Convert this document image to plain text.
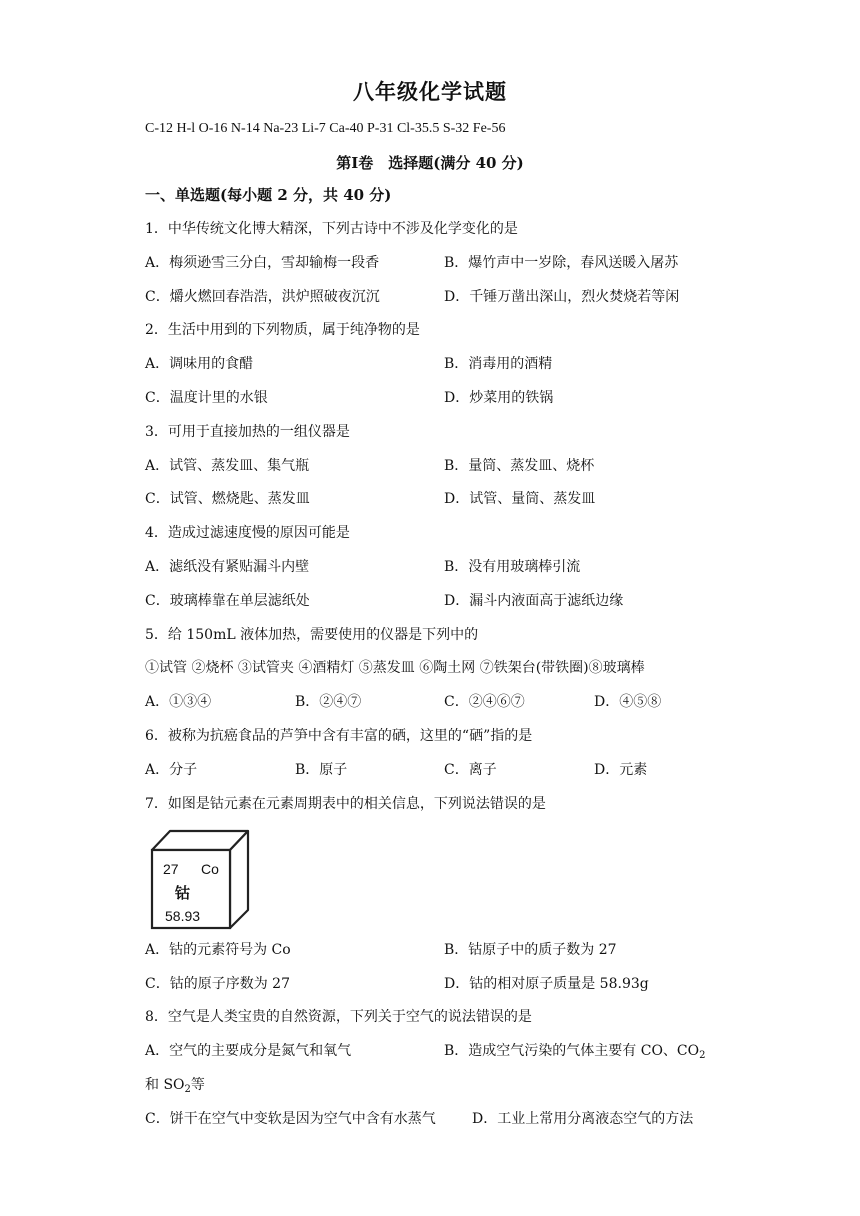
八年级化学试题
C-12 H-l O-16 N-14 Na-23 Li-7 Ca-40 P-31 Cl-35.5 S-32 Fe-56
第Ⅰ卷　选择题(满分 40 分)
一、单选题(每小题 2 分，共 40 分)
1．中华传统文化博大精深，下列古诗中不涉及化学变化的是
A．梅须逊雪三分白，雪却输梅一段香	B．爆竹声中一岁除，春风送暖入屠苏
C．爝火燃回春浩浩，洪炉照破夜沉沉	D．千锤万凿出深山，烈火焚烧若等闲
2．生活中用到的下列物质，属于纯净物的是
A．调味用的食醋	B．消毒用的酒精
C．温度计里的水银	D．炒菜用的铁锅
3．可用于直接加热的一组仪器是
A．试管、蒸发皿、集气瓶	B．量筒、蒸发皿、烧杯
C．试管、燃烧匙、蒸发皿	D．试管、量筒、蒸发皿
4．造成过滤速度慢的原因可能是
A．滤纸没有紧贴漏斗内壁	B．没有用玻璃棒引流
C．玻璃棒靠在单层滤纸处	D．漏斗内液面高于滤纸边缘
5．给 150mL 液体加热，需要使用的仪器是下列中的
①试管 ②烧杯 ③试管夹 ④酒精灯 ⑤蒸发皿 ⑥陶土网 ⑦铁架台(带铁圈)⑧玻璃棒
A．①③④	B．②④⑦	C．②④⑥⑦	D．④⑤⑧
6．被称为抗癌食品的芦笋中含有丰富的硒，这里的“硒”指的是
A．分子	B．原子	C．离子	D．元素
7．如图是钴元素在元素周期表中的相关信息，下列说法错误的是
27 Co
钴
58.93
A．钴的元素符号为 Co	B．钴原子中的质子数为 27
C．钴的原子序数为 27	D．钴的相对原子质量是 58.93g
8．空气是人类宝贵的自然资源，下列关于空气的说法错误的是
A．空气的主要成分是氮气和氧气	B．造成空气污染的气体主要有 CO、$CO_2$
和 $SO_2$等
C．饼干在空气中变软是因为空气中含有水蒸气	D．工业上常用分离液态空气的方法
